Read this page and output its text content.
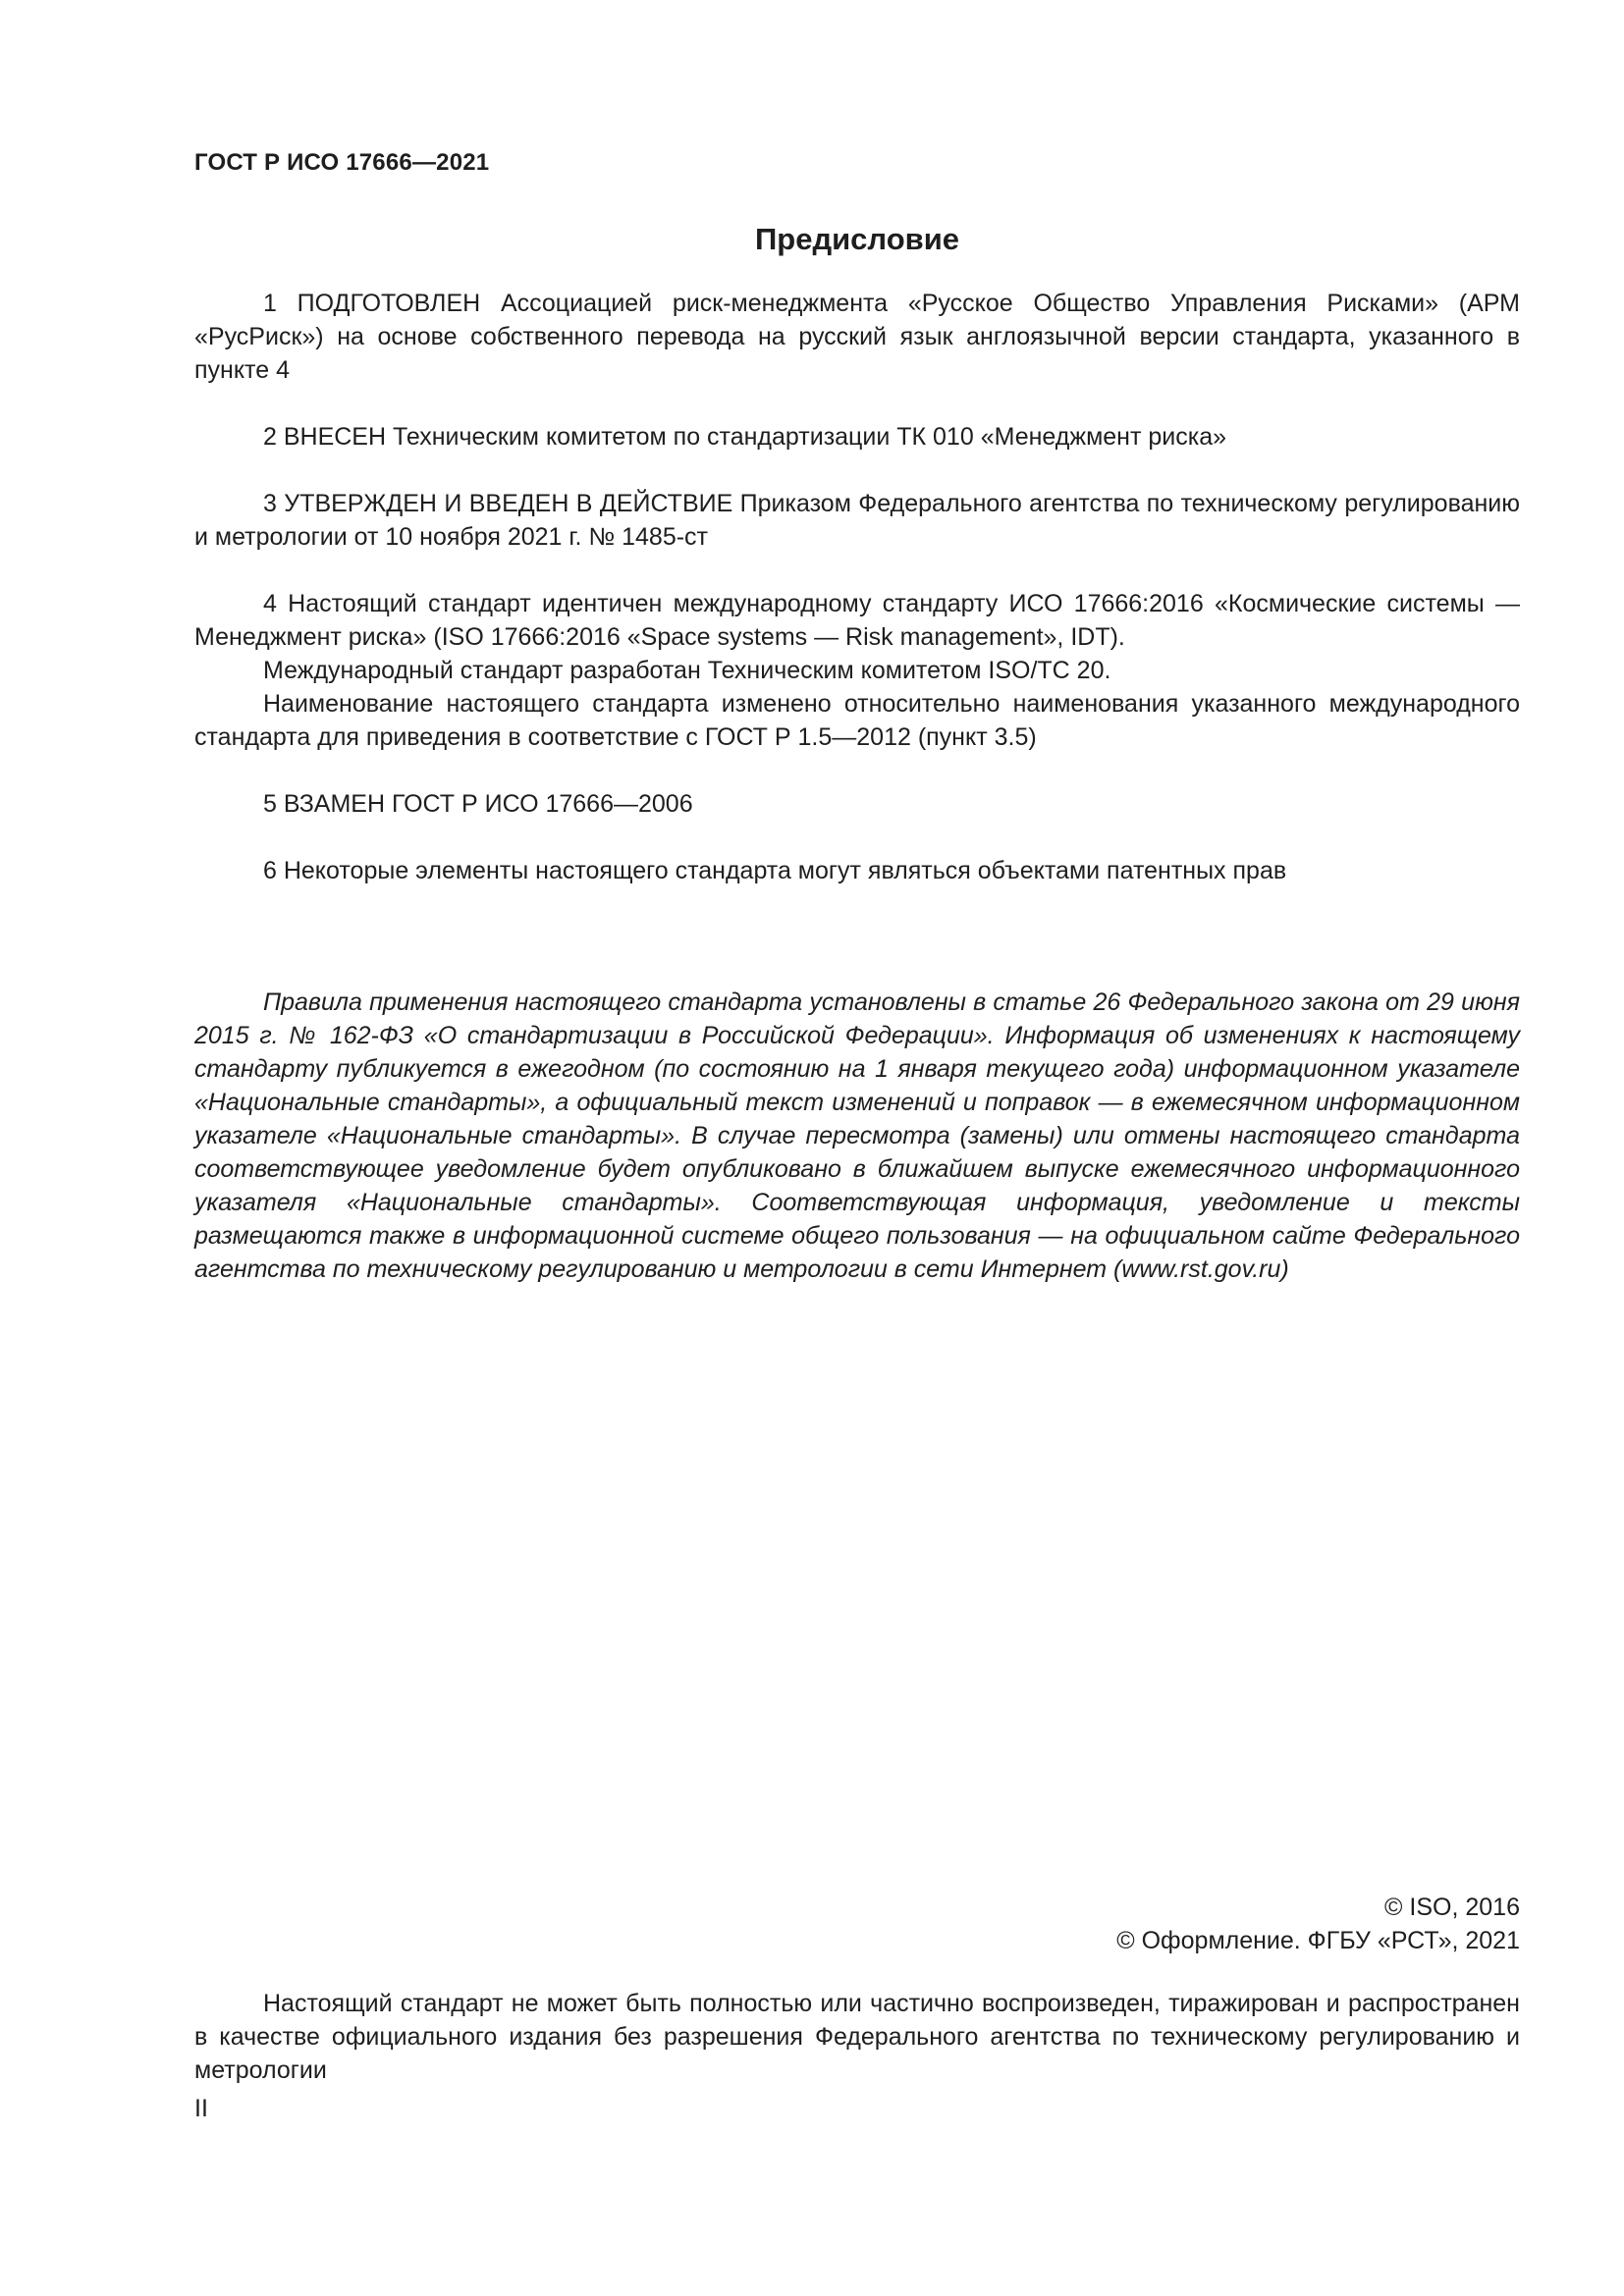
ГОСТ Р ИСО 17666—2021
Предисловие

1 ПОДГОТОВЛЕН Ассоциацией риск-менеджмента «Русское Общество Управления Рисками» (АРМ «РусРиск») на основе собственного перевода на русский язык англоязычной версии стандарта, указанного в пункте 4

2 ВНЕСЕН Техническим комитетом по стандартизации ТК 010 «Менеджмент риска»

3 УТВЕРЖДЕН И ВВЕДЕН В ДЕЙСТВИЕ Приказом Федерального агентства по техническому регулированию и метрологии от 10 ноября 2021 г. № 1485-ст

4 Настоящий стандарт идентичен международному стандарту ИСО 17666:2016 «Космические системы — Менеджмент риска» (ISO 17666:2016 «Space systems — Risk management», IDT).

Международный стандарт разработан Техническим комитетом ISO/TC 20.

Наименование настоящего стандарта изменено относительно наименования указанного международного стандарта для приведения в соответствие с ГОСТ Р 1.5—2012 (пункт 3.5)

5 ВЗАМЕН ГОСТ Р ИСО 17666—2006

6 Некоторые элементы настоящего стандарта могут являться объектами патентных прав

Правила применения настоящего стандарта установлены в статье 26 Федерального закона от 29 июня 2015 г. № 162-ФЗ «О стандартизации в Российской Федерации». Информация об изменениях к настоящему стандарту публикуется в ежегодном (по состоянию на 1 января текущего года) информационном указателе «Национальные стандарты», а официальный текст изменений и поправок — в ежемесячном информационном указателе «Национальные стандарты». В случае пересмотра (замены) или отмены настоящего стандарта соответствующее уведомление будет опубликовано в ближайшем выпуске ежемесячного информационного указателя «Национальные стандарты». Соответствующая информация, уведомление и тексты размещаются также в информационной системе общего пользования — на официальном сайте Федерального агентства по техническому регулированию и метрологии в сети Интернет (www.rst.gov.ru)

© ISO, 2016
© Оформление. ФГБУ «РСТ», 2021

Настоящий стандарт не может быть полностью или частично воспроизведен, тиражирован и распространен в качестве официального издания без разрешения Федерального агентства по техническому регулированию и метрологии

II
